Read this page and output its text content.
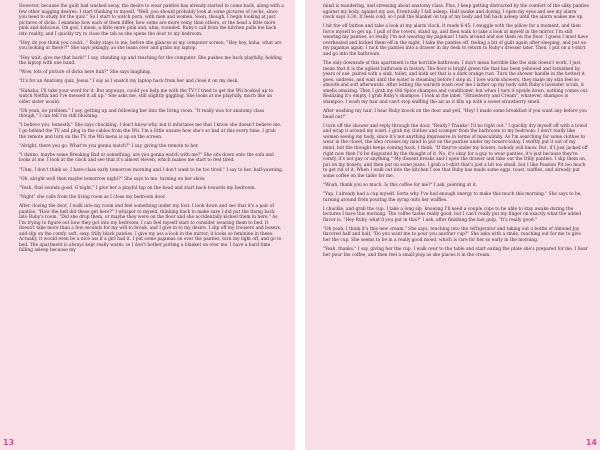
However, because the guilt had washed away, the desire to wear panties has already started to come back, along with a few other nagging desires. I start thinking to myself, "Well, you should probably look at some pictures of cocks, since you need to study for the quiz." So I start to watch porn, with men and women. Soon, though, I begin looking at just pictures of dicks. I examine how each of them differ, how some are more veiny than others, or the head a little more pink and delicious. Oh god, I mean, a little more pink and, uhm, rounded. Ruby's call from the kitchen pulls me back into reality, and I quickly try to close the tab as she opens the door to my bedroom.

"Hey, do you think you could..." Ruby stays to me, before she glances at my computer screen, "Hey hey, haha, what are you looking at there?!" She says jokingly, as she leans over and grabs my laptop.

"Hey wait, give me that back!" I say, standing up and reaching for the computer. She pushes me back playfully, holding the laptop with one hand.

"Wow, lots of picture of dicks here huh?" She says laughing.

"It's for an Anatomy quiz, Jesus." I say as I snatch my laptop back from her and close it on my desk.

"Hahaha, I'll take your word for it. But anyways, could you help me with the TV? I tried to get the Wii hooked up to watch Netflix and I've messed it all up." She asks me, still slightly giggling. She looks at me playfully, much like an older sister would.

"Oh yeah, no problem." I say, getting up and following her into the living room. "It really was for anatomy class though," I can tell I'm still blushing.

"I believe you, honestly." She says chuckling, I don't know why, but it infuriates me that I know she doesn't believe me. I go behind the TV and plug in the cables from the Wii. I'm a little unsure how she's so bad at this every time. I grab the remote and turn on the TV, the Wii menu is up on the screen.

"Alright, there you go. What're you gonna watch?" I say, giving the remote to her.

"I dunno, maybe some Breaking Bad or something, are you gonna watch with me?" She sits down onto the sofa and looks at me. I look at the clock and see that it's almost eleven, which makes me start to feel tired.

"Uhm, I don't think so, I have class early tomorrow morning and I don't want to be too tired." I say to her, half-yawning.

"Oh, alright well then maybe tomorrow night?" She says to me, turning on her show.

"Yeah, that sounds good. G'night." I give her a playful tap on the head and start back towards my bedroom.

"Night" she calls from the living room as I close my bedroom door.

After closing the door, I walk into my room and feel something under my foot. I look down and see that it's a pair of panties. "How the hell did these get here?" I whisper to myself, thinking back to make sure I did put the thong back into Ruby's room. "Did she drop them, or maybe they were on the floor and she accidentally kicked them in here." As I'm trying to figure out how they got into my bedroom, I can feel myself start to consider wearing them to bed. It doesn't take more than a few seconds for my will to break, and I give in to my desire. I slip off my trousers and boxers, and slip on the comfy, soft, sexy, frilly black panties. I give my ass a look in the mirror, it looks so feminine in these. Actually, it would even be a nice ass if a girl had it. I put some pajamas on over the panties, turn my light off, and go to bed. The apartment is always kept really warm, so I don't bother putting a blanket on over me. I have a hard time falling asleep because my

13

mind is wandering, and stressing about anatomy class. Plus, I keep getting distracted by the comfort of the silky panties against my body, against my ass. Eventually I fall asleep. Half awake and dozing, I open my eyes and see my alarm clock says 3:30. It feels cold, so I pull the blanket on top of my body and fall back asleep until the alarm wakes me up.

I hit the off button and take a look at my alarm clock. It reads 6:45. I snuggle with the pillow for a moment, and then force myself to get up. I pull of the covers, stand up, and then walk to take a look at myself in the mirror. I'm still wearing my panties, so really, I'm not wearing my pajamas! I turn around and see them on the floor. I guess I must have overheated and kicked them off in the night. I take the panties off, feeling a bit of guilt again after sleeping, and put on my pajamas again. I tuck the panties into a drawer in my desk to return to Ruby's dresser later. Then, I put on a t-shirt and go into the bathroom.

The only downside of this apartment is the horrible bathroom. I don't mean horrible like the sink doesn't work, I just mean that it is the ugliest bathroom in history. The floor is bright green tile that has been yellowed and tarnished by years of use, paired with a sink, toilet, and bath set that is a dark orange rust. Turn the shower handle in the hottest it goes, undress, and wait until the water is steaming before I step in. I love warm showers, they make my skin feel so smooth and soft afterwards. After letting the warmth wash over me I lather up my body with Ruby's lavender scrub, it smells amazing. Then I grab my Old Spice shampoo and conditioner, but when I turn it upside down, nothing comes out. Realizing it's empty, I grab Ruby's shampoo. I look at the label, "Strawberry and Cream", whatever, shampoo is shampoo. I wash my hair and can't stop sniffing the air as it fills up with a sweet strawberry smell.

After washing my hair, I hear Ruby knock on the door and yell, "Hey! I made some breakfast if you want any before you head out!"

I turn off the shower and reply through the door, "Really? Thanks! I'll be right out." I quickly dry myself off with a towel and wrap it around my waist. I grab my clothes and scamper from the bathroom to my bedroom. I don't really like women seeing my body, since it's not anything impressive in terms of masculinity. As I'm searching for some clothes to wear in the closet, the idea crosses my mind to put on the panties under my boxers today. I swiftly put it out of my mind, but the thought keeps coming back. I think, "If they're under my boxers, nobody will know. But, if I just jacked off right now then I'd be disgusted by the thought of it. No, it's okay for a guy to wear panties, it's just because they're comfy, it's not gay or anything." My dissent breaks and I open the drawer and take out the frilly panties. I slip them on, put on my boxers, and then put on some jeans. I grab a t-shirt that's just a bit too small, but I like Passion Pit too much to get rid of it. When I walk out into the kitchen I see that Ruby has made some eggs, toast, waffles, and already put some coffee on the table for me.

"Woah, thank you so much. Is this coffee for me?" I ask, pointing at it.

"Yup, I already had a cup myself. Sorta why I've had enough energy to make this much this morning." She says to be, turning around from pouring the syrup onto her waffles.

I chuckle, and grab the cup. I take a long sip, knowing I'll need a couple cups to be able to stay awake during the lectures I have this morning. The coffee tastes really good, but I can't really put my finger on exactly what the added flavor is. "Hey Ruby, what'd you put in this?" I ask, after finishing the last gulp. "It's really good."

"Oh yeah, I think it's this new cream." She says, reaching into the refrigerator and taking out a bottle of Almond Joy flavored half and half. "Do you want me to pour you another cup?" She asks with a smile, reaching out for me to give her the cup. She seems to be in a really good mood, which is rare for her so early in the morning.

"Yeah, thanks." I say, giving her the cup. I walk over to the table and start eating the plate she's prepared for me. I hear her pour the coffee, and then feel a small plop as she places it in the cream.

14
